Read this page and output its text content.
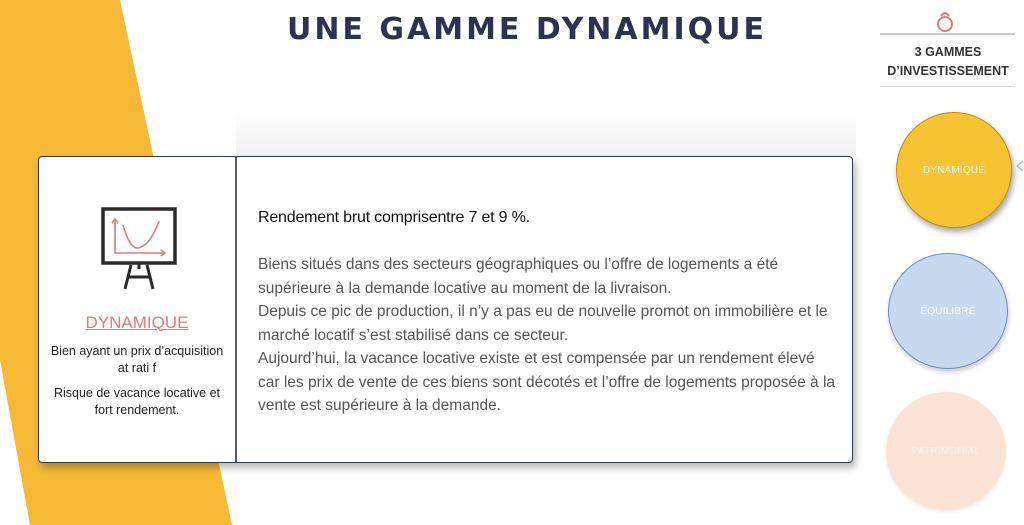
UNE GAMME DYNAMIQUE
DYNAMIQUE
Bien ayant un prix d’acquisition at rati f
Risque de vacance locative et fort rendement.
Rendement brut comprisentre 7 et 9 %.

Biens situés dans des secteurs géographiques ou l’offre de logements a été supérieure à la demande locative au moment de la livraison.

Depuis ce pic de production, il n’y a pas eu de nouvelle promot on immobilière et le marché locatif s’est stabilisé dans ce secteur.

Aujourd’hui, la vacance locative existe et est compensée par un rendement élevé car les prix de vente de ces biens sont décotés et l’offre de logements proposée à la vente est supérieure à la demande.

3 GAMMES
D’INVESTISSEMENT
DYNAMIQUE
ÉQUILIBRÉ
PATRIMONIAL
